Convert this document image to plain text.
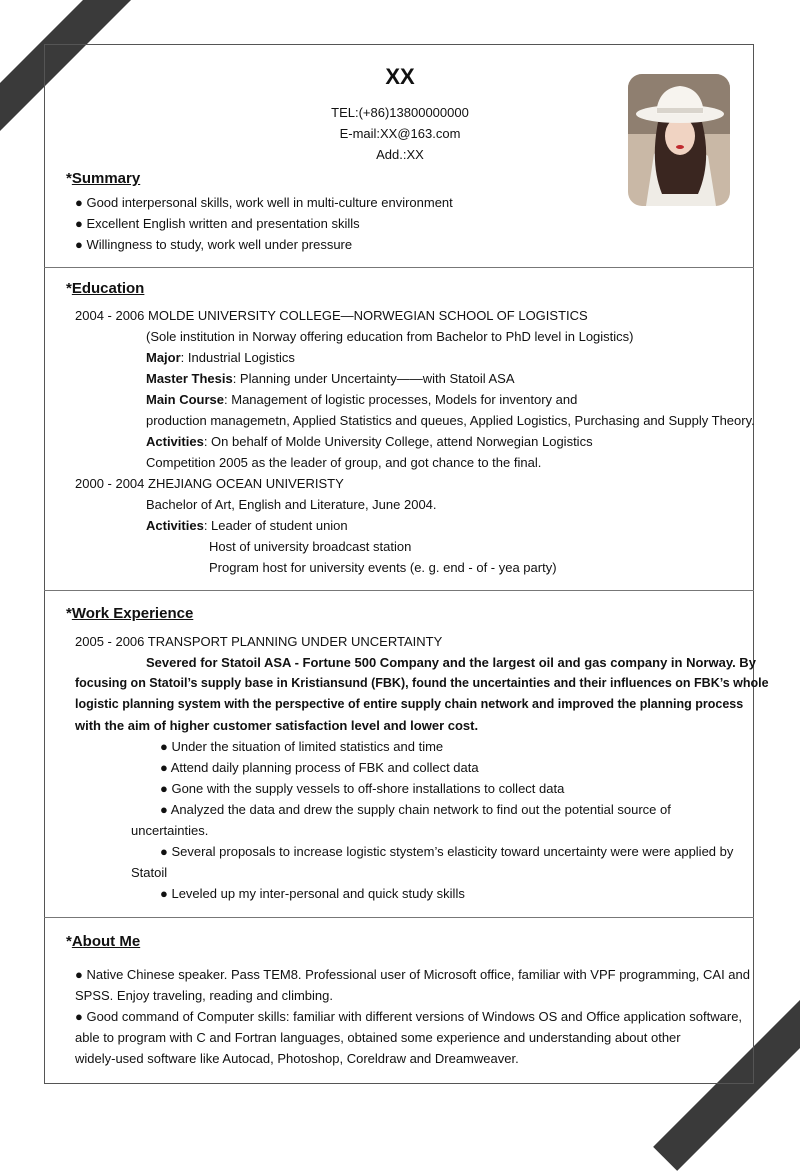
XX
TEL:(+86)13800000000
E-mail:XX@163.com
Add.:XX
*Summary
● Good interpersonal skills, work well in multi-culture environment
● Excellent English written and presentation skills
● Willingness to study, work well under pressure
*Education
2004 - 2006 MOLDE UNIVERSITY COLLEGE—NORWEGIAN SCHOOL OF LOGISTICS
(Sole institution in Norway offering education from Bachelor to PhD level in Logistics)
Major: Industrial Logistics
Master Thesis: Planning under Uncertainty——with Statoil ASA
Main Course: Management of logistic processes, Models for inventory and
production managemetn, Applied Statistics and queues, Applied Logistics, Purchasing and Supply Theory.
Activities: On behalf of Molde University College, attend Norwegian Logistics
Competition 2005 as the leader of group, and got chance to the final.
2000 - 2004 ZHEJIANG OCEAN UNIVERISTY
Bachelor of Art, English and Literature, June 2004.
Activities: Leader of student union
Host of university broadcast station
Program host for university events (e. g. end - of - yea party)
*Work Experience
2005 - 2006 TRANSPORT PLANNING UNDER UNCERTAINTY
Severed for Statoil ASA - Fortune 500 Company and the largest oil and gas company in Norway. By
focusing on Statoil’s supply base in Kristiansund (FBK), found the uncertainties and their influences on FBK’s whole
logistic planning system with the perspective of entire supply chain network and improved the planning process
with the aim of higher customer satisfaction level and lower cost.
● Under the situation of limited statistics and time
● Attend daily planning process of FBK and collect data
● Gone with the supply vessels to off-shore installations to collect data
● Analyzed the data and drew the supply chain network to find out the potential source of
uncertainties.
● Several proposals to increase logistic stystem’s elasticity toward uncertainty were were applied by
Statoil
● Leveled up my inter-personal and quick study skills
*About Me
● Native Chinese speaker. Pass TEM8. Professional user of Microsoft office, familiar with VPF programming, CAI and
SPSS. Enjoy traveling, reading and climbing.
● Good command of Computer skills: familiar with different versions of Windows OS and Office application software,
able to program with C and Fortran languages, obtained some experience and understanding about other
widely-used software like Autocad, Photoshop, Coreldraw and Dreamweaver.
